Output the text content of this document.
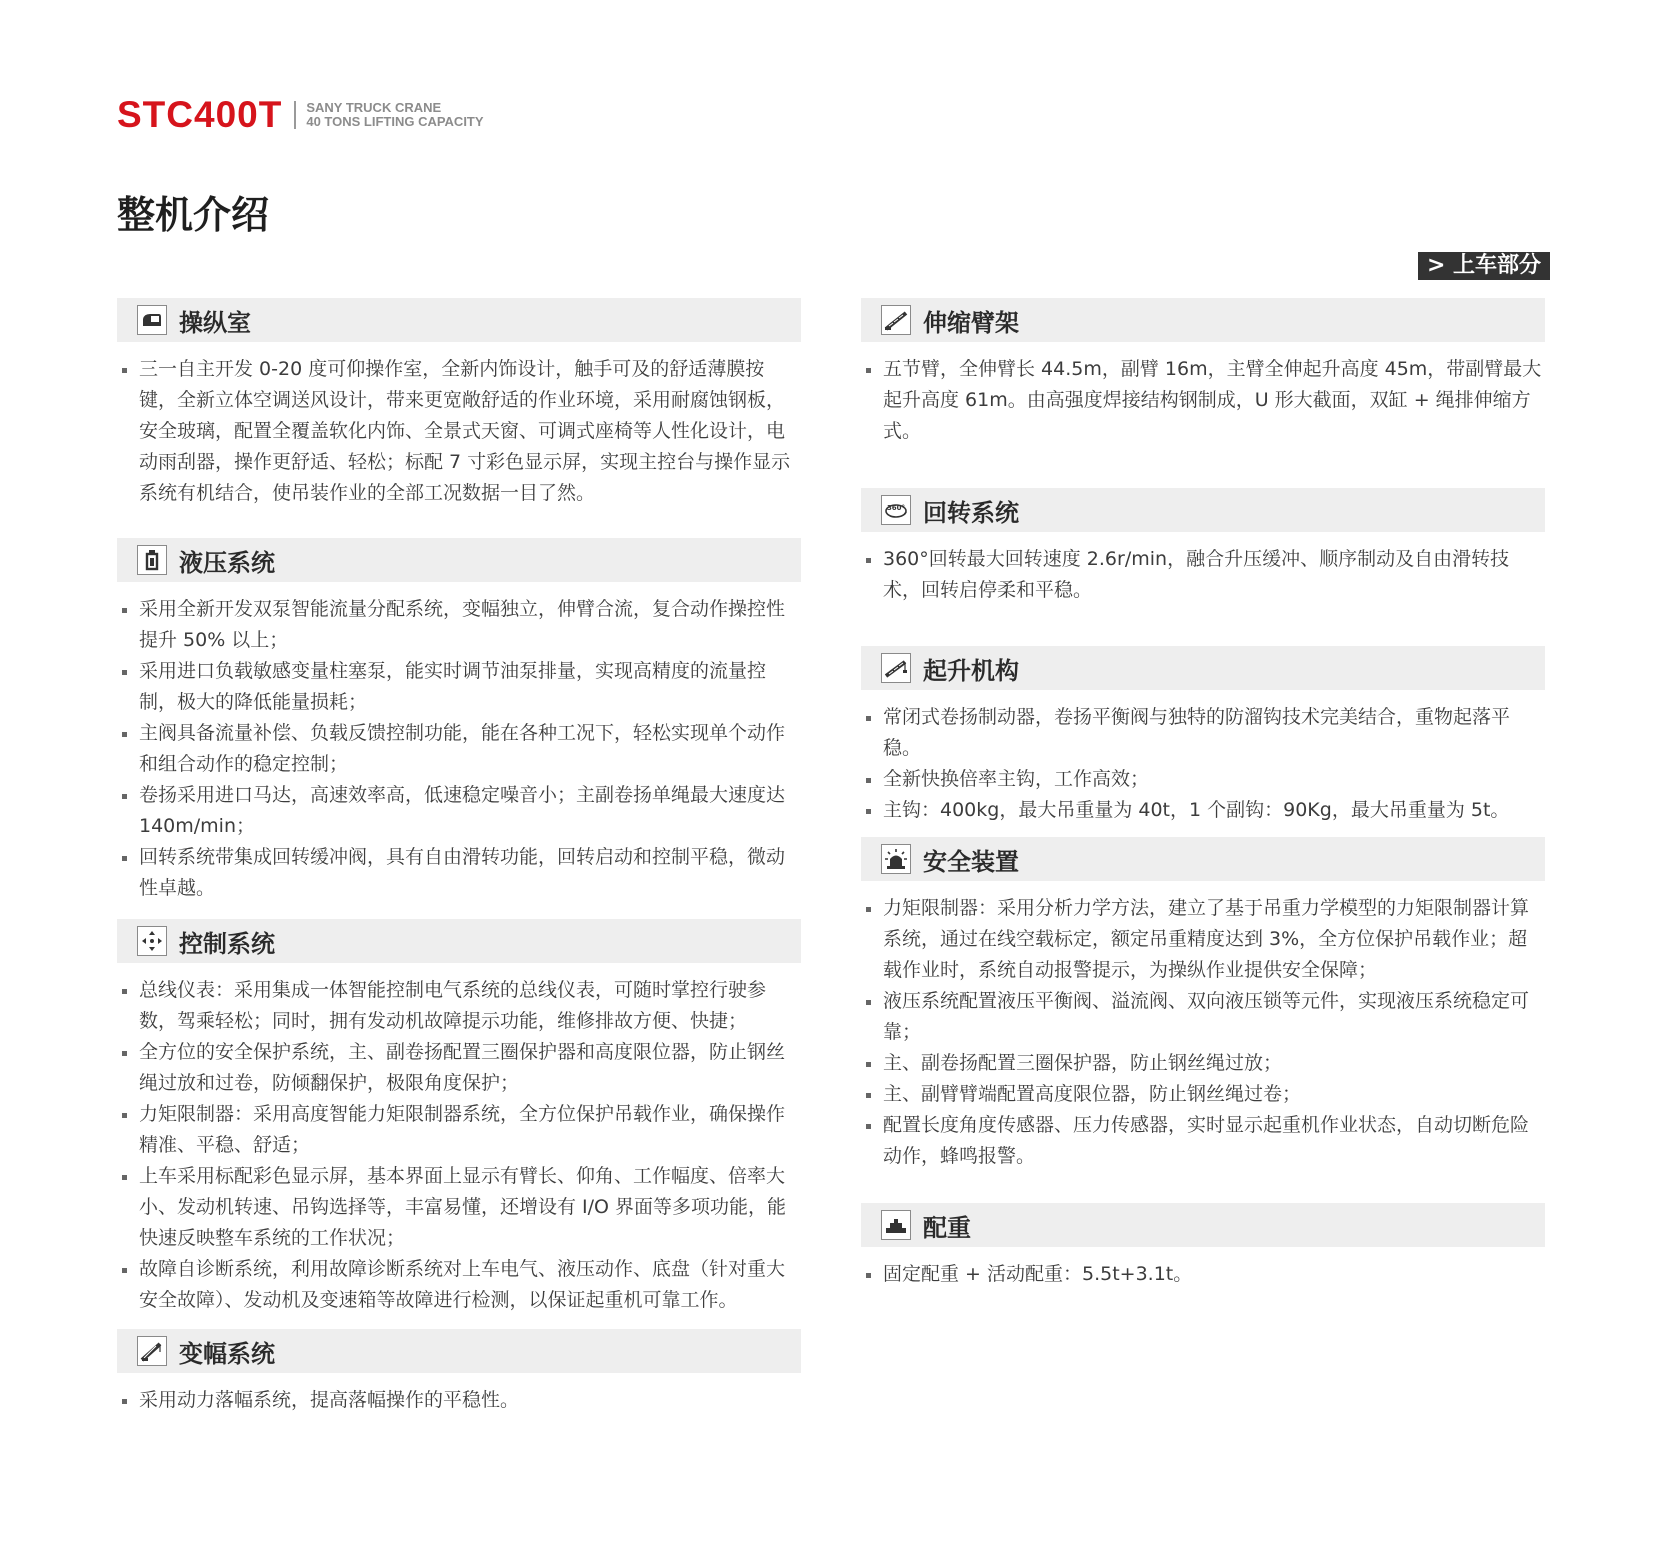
STC400T SANY TRUCK CRANE
40 TONS LIFTING CAPACITY
整机介绍
> 上车部分
操纵室
三一自主开发 0-20 度可仰操作室，全新内饰设计，触手可及的舒适薄膜按键，全新立体空调送风设计，带来更宽敞舒适的作业环境，采用耐腐蚀钢板，安全玻璃，配置全覆盖软化内饰、全景式天窗、可调式座椅等人性化设计，电动雨刮器，操作更舒适、轻松；标配 7 寸彩色显示屏，实现主控台与操作显示系统有机结合，使吊装作业的全部工况数据一目了然。
液压系统
采用全新开发双泵智能流量分配系统，变幅独立，伸臂合流，复合动作操控性提升 50% 以上；
采用进口负载敏感变量柱塞泵，能实时调节油泵排量，实现高精度的流量控制，极大的降低能量损耗；
主阀具备流量补偿、负载反馈控制功能，能在各种工况下，轻松实现单个动作和组合动作的稳定控制；
卷扬采用进口马达，高速效率高，低速稳定噪音小；主副卷扬单绳最大速度达 140m/min；
回转系统带集成回转缓冲阀，具有自由滑转功能，回转启动和控制平稳，微动性卓越。
控制系统
总线仪表：采用集成一体智能控制电气系统的总线仪表，可随时掌控行驶参数，驾乘轻松；同时，拥有发动机故障提示功能，维修排故方便、快捷；
全方位的安全保护系统，主、副卷扬配置三圈保护器和高度限位器，防止钢丝绳过放和过卷，防倾翻保护，极限角度保护；
力矩限制器：采用高度智能力矩限制器系统，全方位保护吊载作业，确保操作精准、平稳、舒适；
上车采用标配彩色显示屏，基本界面上显示有臂长、仰角、工作幅度、倍率大小、发动机转速、吊钩选择等，丰富易懂，还增设有 I/O 界面等多项功能，能快速反映整车系统的工作状况；
故障自诊断系统，利用故障诊断系统对上车电气、液压动作、底盘（针对重大安全故障）、发动机及变速箱等故障进行检测，以保证起重机可靠工作。
变幅系统
采用动力落幅系统，提高落幅操作的平稳性。
伸缩臂架
五节臂，全伸臂长 44.5m，副臂 16m，主臂全伸起升高度 45m，带副臂最大起升高度 61m。由高强度焊接结构钢制成，U 形大截面，双缸 + 绳排伸缩方式。
360° 回转系统
360°回转最大回转速度 2.6r/min，融合升压缓冲、顺序制动及自由滑转技术，回转启停柔和平稳。
起升机构
常闭式卷扬制动器，卷扬平衡阀与独特的防溜钩技术完美结合，重物起落平稳。
全新快换倍率主钩，工作高效；
主钩：400kg，最大吊重量为 40t，1 个副钩：90Kg，最大吊重量为 5t。
安全装置
力矩限制器：采用分析力学方法，建立了基于吊重力学模型的力矩限制器计算系统，通过在线空载标定，额定吊重精度达到 3%，全方位保护吊载作业；超载作业时，系统自动报警提示，为操纵作业提供安全保障；
液压系统配置液压平衡阀、溢流阀、双向液压锁等元件，实现液压系统稳定可靠；
主、副卷扬配置三圈保护器，防止钢丝绳过放；
主、副臂臂端配置高度限位器，防止钢丝绳过卷；
配置长度角度传感器、压力传感器，实时显示起重机作业状态，自动切断危险动作，蜂鸣报警。
配重
固定配重 + 活动配重：5.5t+3.1t。
